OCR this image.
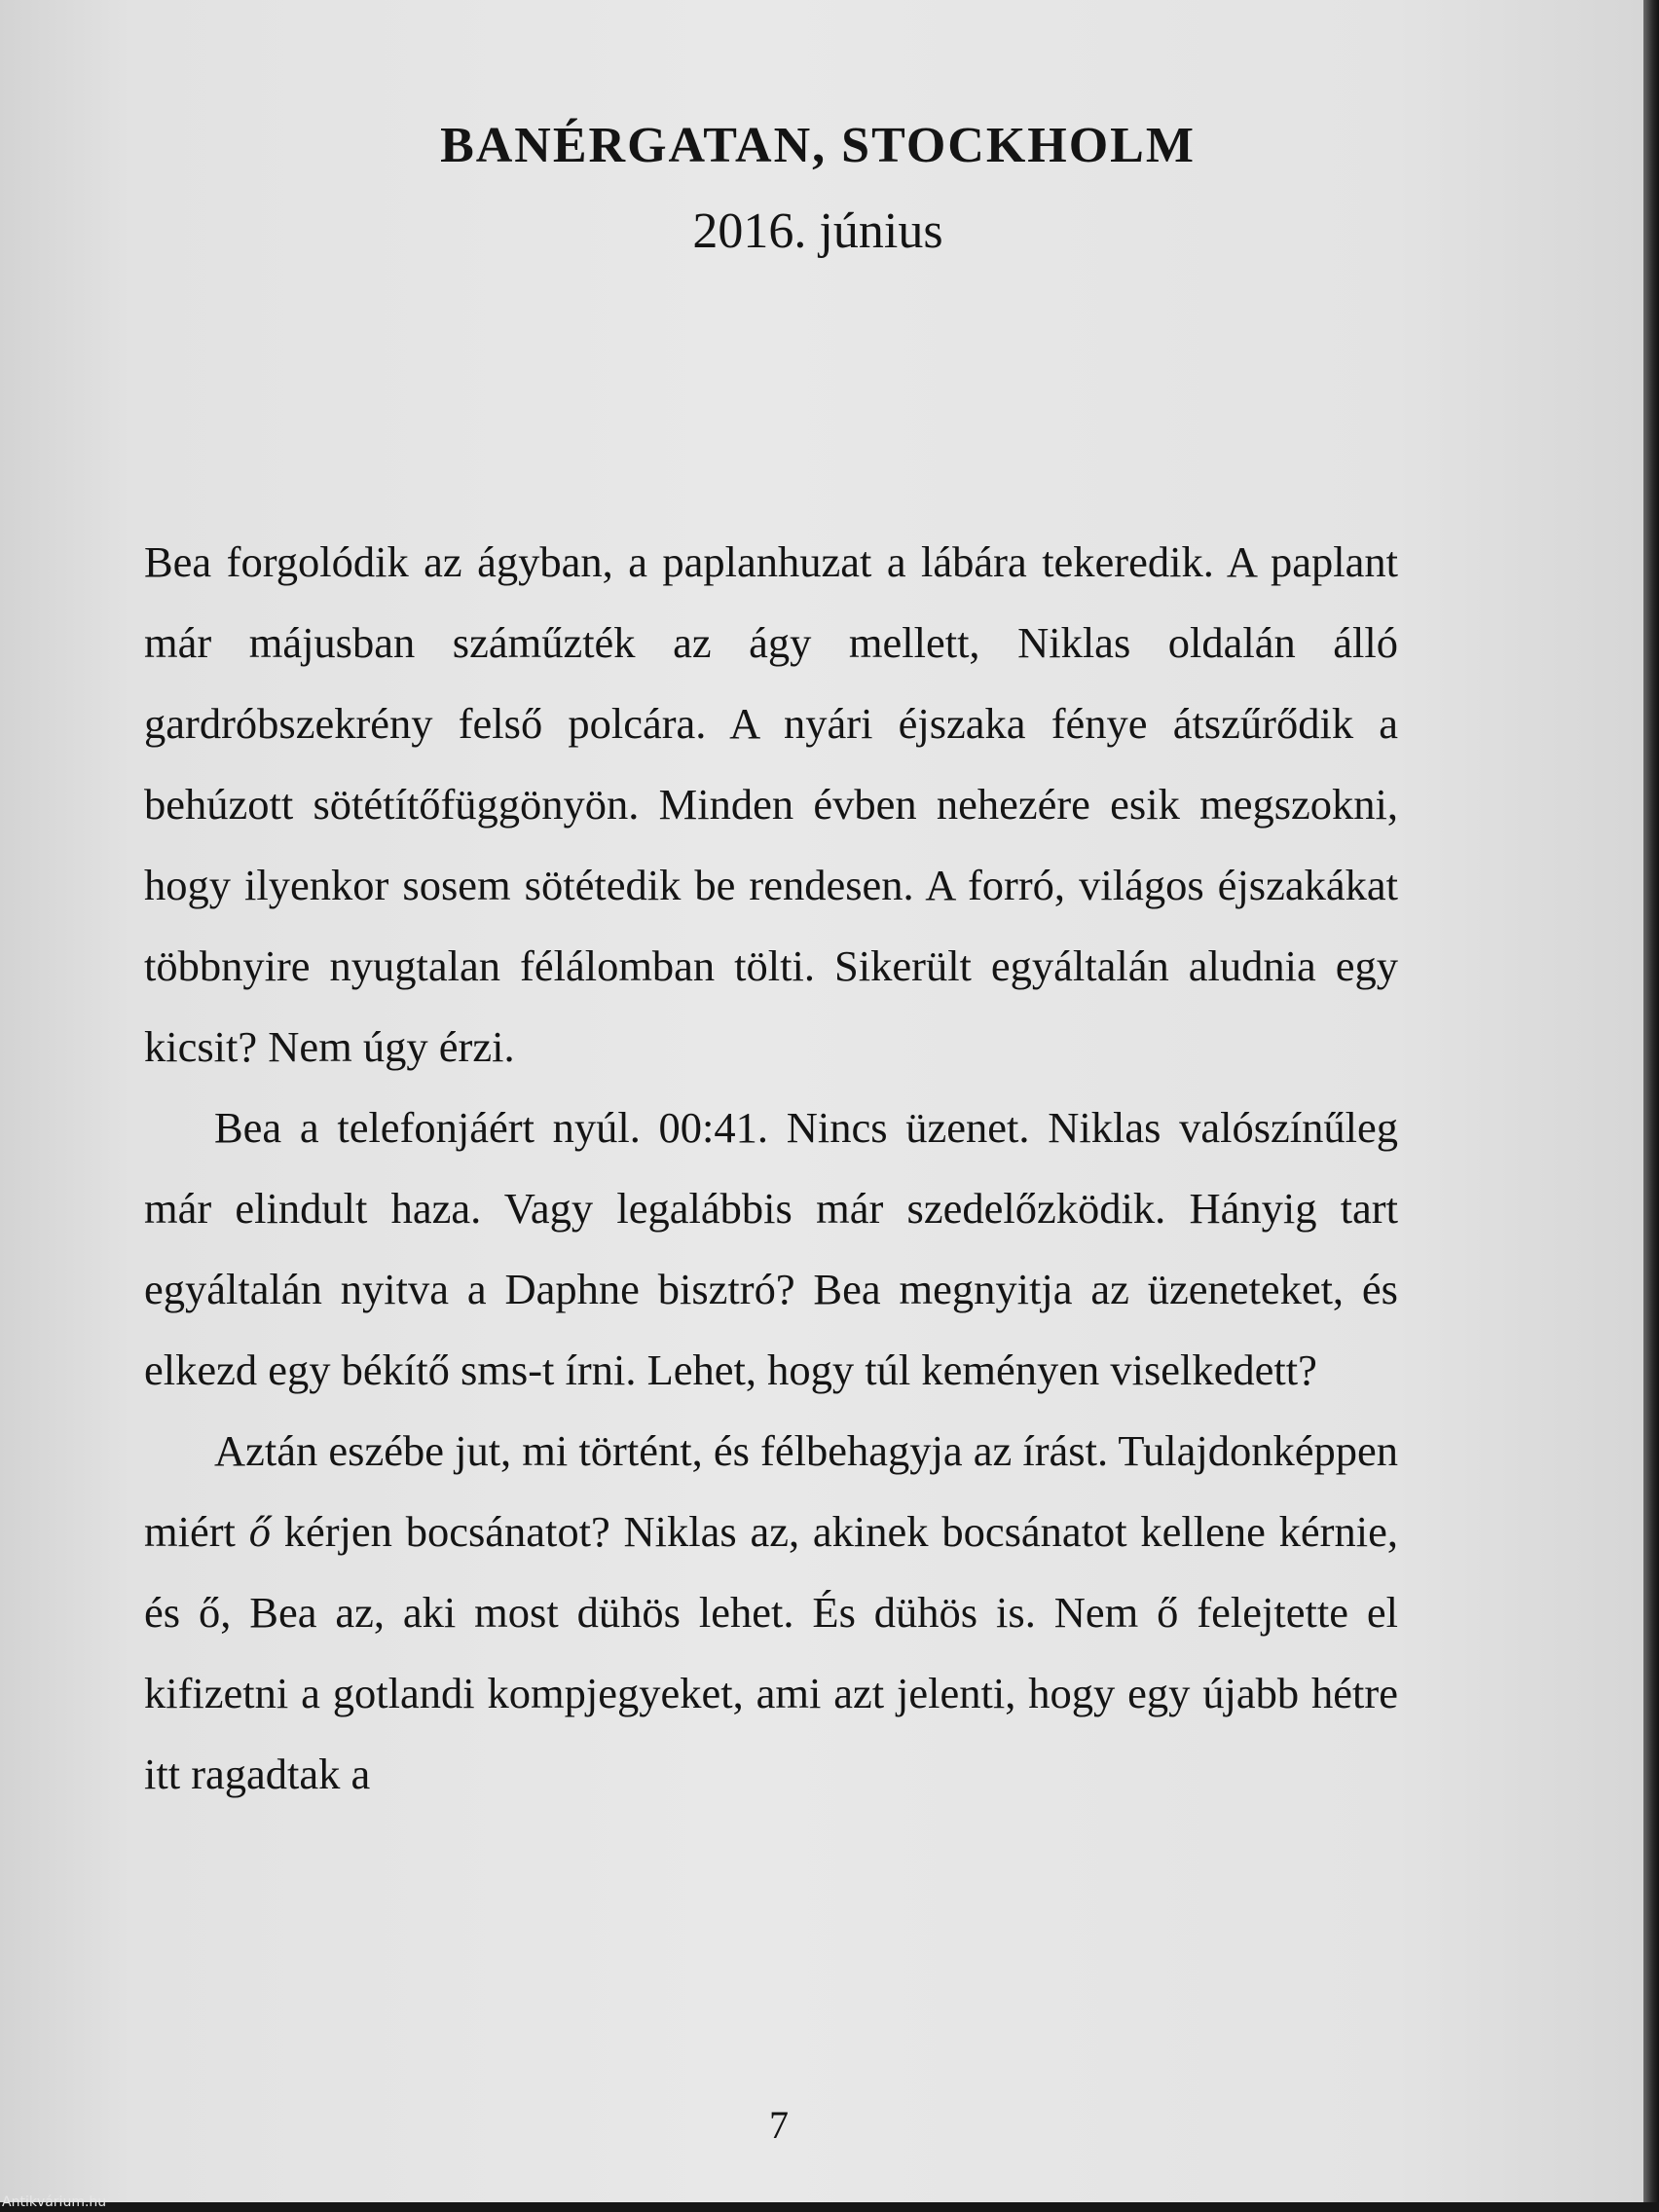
BANÉRGATAN, STOCKHOLM
2016. június

Bea forgolódik az ágyban, a paplanhuzat a lábára tekeredik. A paplant már májusban száműzték az ágy mellett, Niklas oldalán álló gardróbszekrény felső polcára. A nyári éjszaka fénye átszűrődik a behúzott sötétítőfüggönyön. Minden évben nehezére esik megszokni, hogy ilyenkor sosem sötétedik be rendesen. A forró, világos éjszakákat többnyire nyugtalan félálomban tölti. Sikerült egyáltalán aludnia egy kicsit? Nem úgy érzi.

Bea a telefonjáért nyúl. 00:41. Nincs üzenet. Niklas valószínűleg már elindult haza. Vagy legalábbis már szedelőzködik. Hányig tart egyáltalán nyitva a Daphne bisztró? Bea megnyitja az üzeneteket, és elkezd egy békítő sms-t írni. Lehet, hogy túl keményen viselkedett?

Aztán eszébe jut, mi történt, és félbehagyja az írást. Tulajdonképpen miért ő kérjen bocsánatot? Niklas az, akinek bocsánatot kellene kérnie, és ő, Bea az, aki most dühös lehet. És dühös is. Nem ő felejtette el kifizetni a gotlandi kompjegyeket, ami azt jelenti, hogy egy újabb hétre itt ragadtak a

7
Antikvárium.hu
